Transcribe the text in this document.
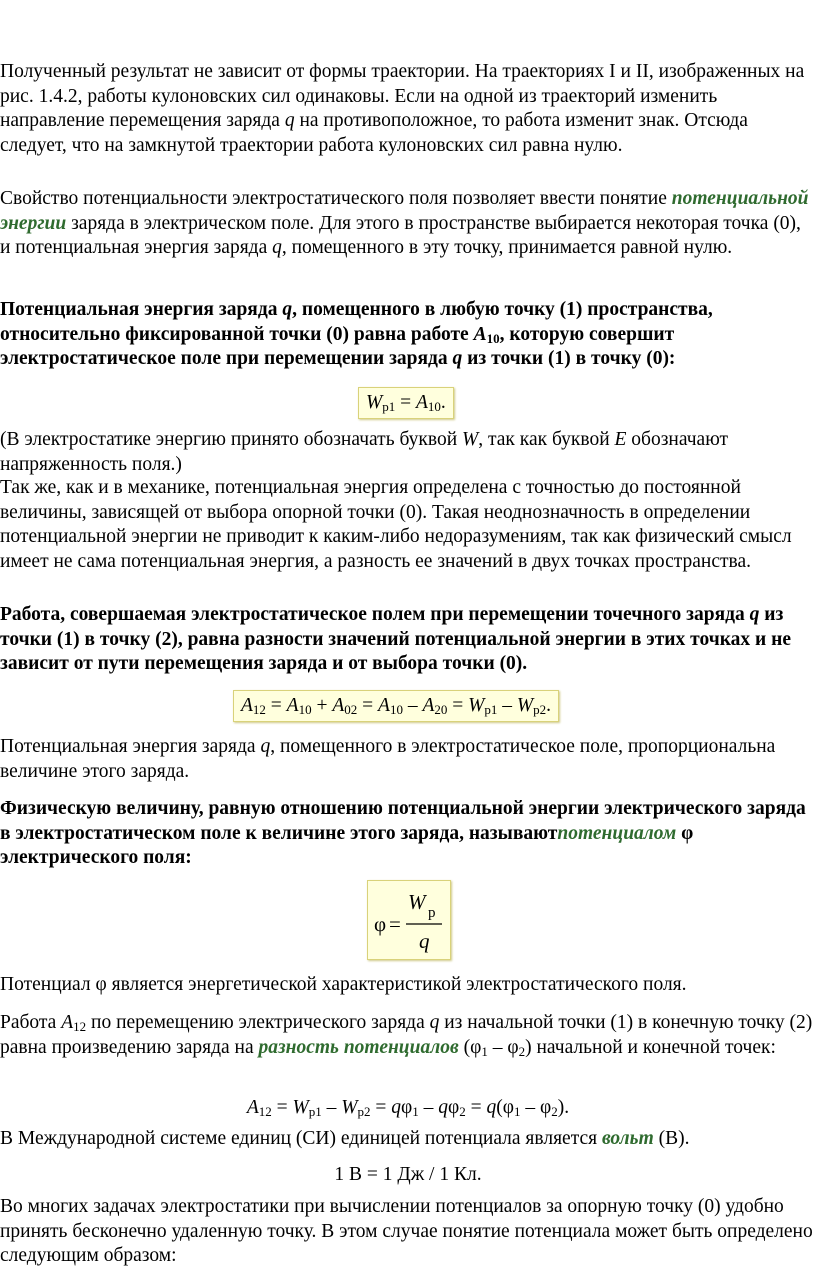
Полученный результат не зависит от формы траектории. На траекториях I и II, изображенных на рис. 1.4.2, работы кулоновских сил одинаковы. Если на одной из траекторий изменить направление перемещения заряда q на противоположное, то работа изменит знак. Отсюда следует, что на замкнутой траектории работа кулоновских сил равна нулю.

Свойство потенциальности электростатического поля позволяет ввести понятие потенциальной энергии заряда в электрическом поле. Для этого в пространстве выбирается некоторая точка (0), и потенциальная энергия заряда q, помещенного в эту точку, принимается равной нулю.

Потенциальная энергия заряда q, помещенного в любую точку (1) пространства, относительно фиксированной точки (0) равна работе $A_{10}$, которую совершит электростатическое поле при перемещении заряда q из точки (1) в точку (0):

$W_{p1} = A_{10}$.

(В электростатике энергию принято обозначать буквой W, так как буквой E обозначают напряженность поля.)

Так же, как и в механике, потенциальная энергия определена с точностью до постоянной величины, зависящей от выбора опорной точки (0). Такая неоднозначность в определении потенциальной энергии не приводит к каким-либо недоразумениям, так как физический смысл имеет не сама потенциальная энергия, а разность ее значений в двух точках пространства.

Работа, совершаемая электростатическое полем при перемещении точечного заряда q из точки (1) в точку (2), равна разности значений потенциальной энергии в этих точках и не зависит от пути перемещения заряда и от выбора точки (0).

$A_{12} = A_{10} + A_{02} = A_{10} - A_{20} = W_{p1} - W_{p2}$.

Потенциальная энергия заряда q, помещенного в электростатическое поле, пропорциональна величине этого заряда.

Физическую величину, равную отношению потенциальной энергии электрического заряда в электростатическом поле к величине этого заряда, называютпотенциалом φ электрического поля:

φ =
W p
q

Потенциал φ является энергетической характеристикой электростатического поля.

Работа $A_{12}$ по перемещению электрического заряда q из начальной точки (1) в конечную точку (2) равна произведению заряда на разность потенциалов $(\varphi_1 - \varphi_2)$ начальной и конечной точек:

$A_{12} = W_{p1} - W_{p2} = q\varphi_1 - q\varphi_2 = q(\varphi_1 - \varphi_2)$.

В Международной системе единиц (СИ) единицей потенциала является вольт (В).

1 В = 1 Дж / 1 Кл.

Во многих задачах электростатики при вычислении потенциалов за опорную точку (0) удобно принять бесконечно удаленную точку. В этом случае понятие потенциала может быть определено следующим образом:
